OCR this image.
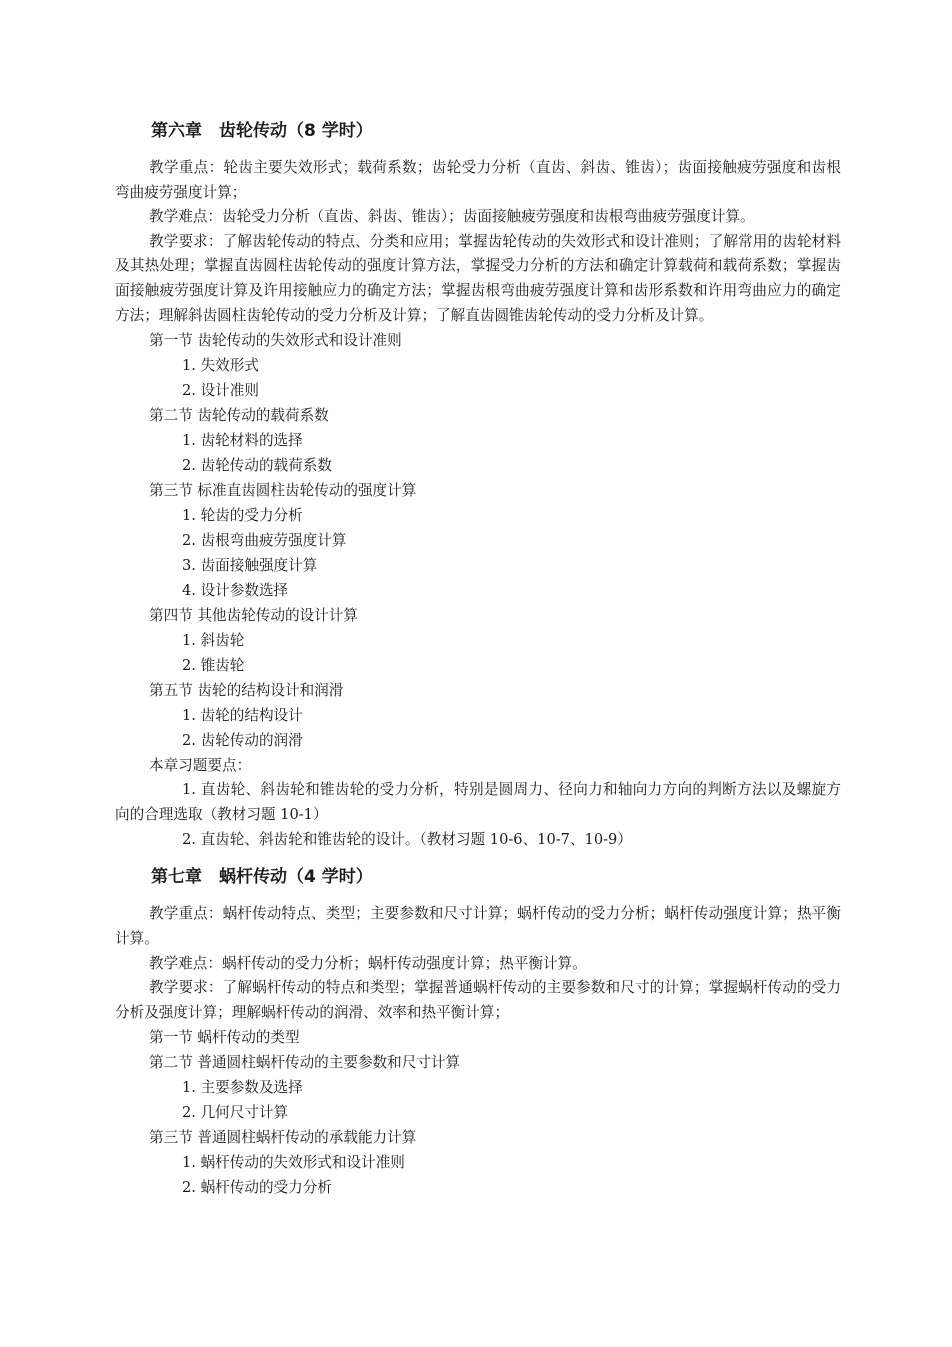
第六章　齿轮传动（8 学时）

教学重点：轮齿主要失效形式；载荷系数；齿轮受力分析（直齿、斜齿、锥齿）；齿面接触疲劳强度和齿根弯曲疲劳强度计算；

教学难点：齿轮受力分析（直齿、斜齿、锥齿）；齿面接触疲劳强度和齿根弯曲疲劳强度计算。

教学要求：了解齿轮传动的特点、分类和应用；掌握齿轮传动的失效形式和设计准则；了解常用的齿轮材料及其热处理；掌握直齿圆柱齿轮传动的强度计算方法，掌握受力分析的方法和确定计算载荷和载荷系数；掌握齿面接触疲劳强度计算及许用接触应力的确定方法；掌握齿根弯曲疲劳强度计算和齿形系数和许用弯曲应力的确定方法；理解斜齿圆柱齿轮传动的受力分析及计算；了解直齿圆锥齿轮传动的受力分析及计算。

第一节 齿轮传动的失效形式和设计准则
1. 失效形式
2. 设计准则
第二节 齿轮传动的载荷系数
1. 齿轮材料的选择
2. 齿轮传动的载荷系数
第三节 标准直齿圆柱齿轮传动的强度计算
1. 轮齿的受力分析
2. 齿根弯曲疲劳强度计算
3. 齿面接触强度计算
4. 设计参数选择
第四节 其他齿轮传动的设计计算
1. 斜齿轮
2. 锥齿轮
第五节 齿轮的结构设计和润滑
1. 齿轮的结构设计
2. 齿轮传动的润滑
本章习题要点：

1. 直齿轮、斜齿轮和锥齿轮的受力分析，特别是圆周力、径向力和轴向力方向的判断方法以及螺旋方向的合理选取（教材习题 10-1）

2. 直齿轮、斜齿轮和锥齿轮的设计。（教材习题 10-6、10-7、10-9）
第七章　蜗杆传动（4 学时）

教学重点：蜗杆传动特点、类型；主要参数和尺寸计算；蜗杆传动的受力分析；蜗杆传动强度计算；热平衡计算。

教学难点：蜗杆传动的受力分析；蜗杆传动强度计算；热平衡计算。

教学要求：了解蜗杆传动的特点和类型；掌握普通蜗杆传动的主要参数和尺寸的计算；掌握蜗杆传动的受力分析及强度计算；理解蜗杆传动的润滑、效率和热平衡计算；

第一节 蜗杆传动的类型
第二节 普通圆柱蜗杆传动的主要参数和尺寸计算
1. 主要参数及选择
2. 几何尺寸计算
第三节 普通圆柱蜗杆传动的承载能力计算
1. 蜗杆传动的失效形式和设计准则
2. 蜗杆传动的受力分析
